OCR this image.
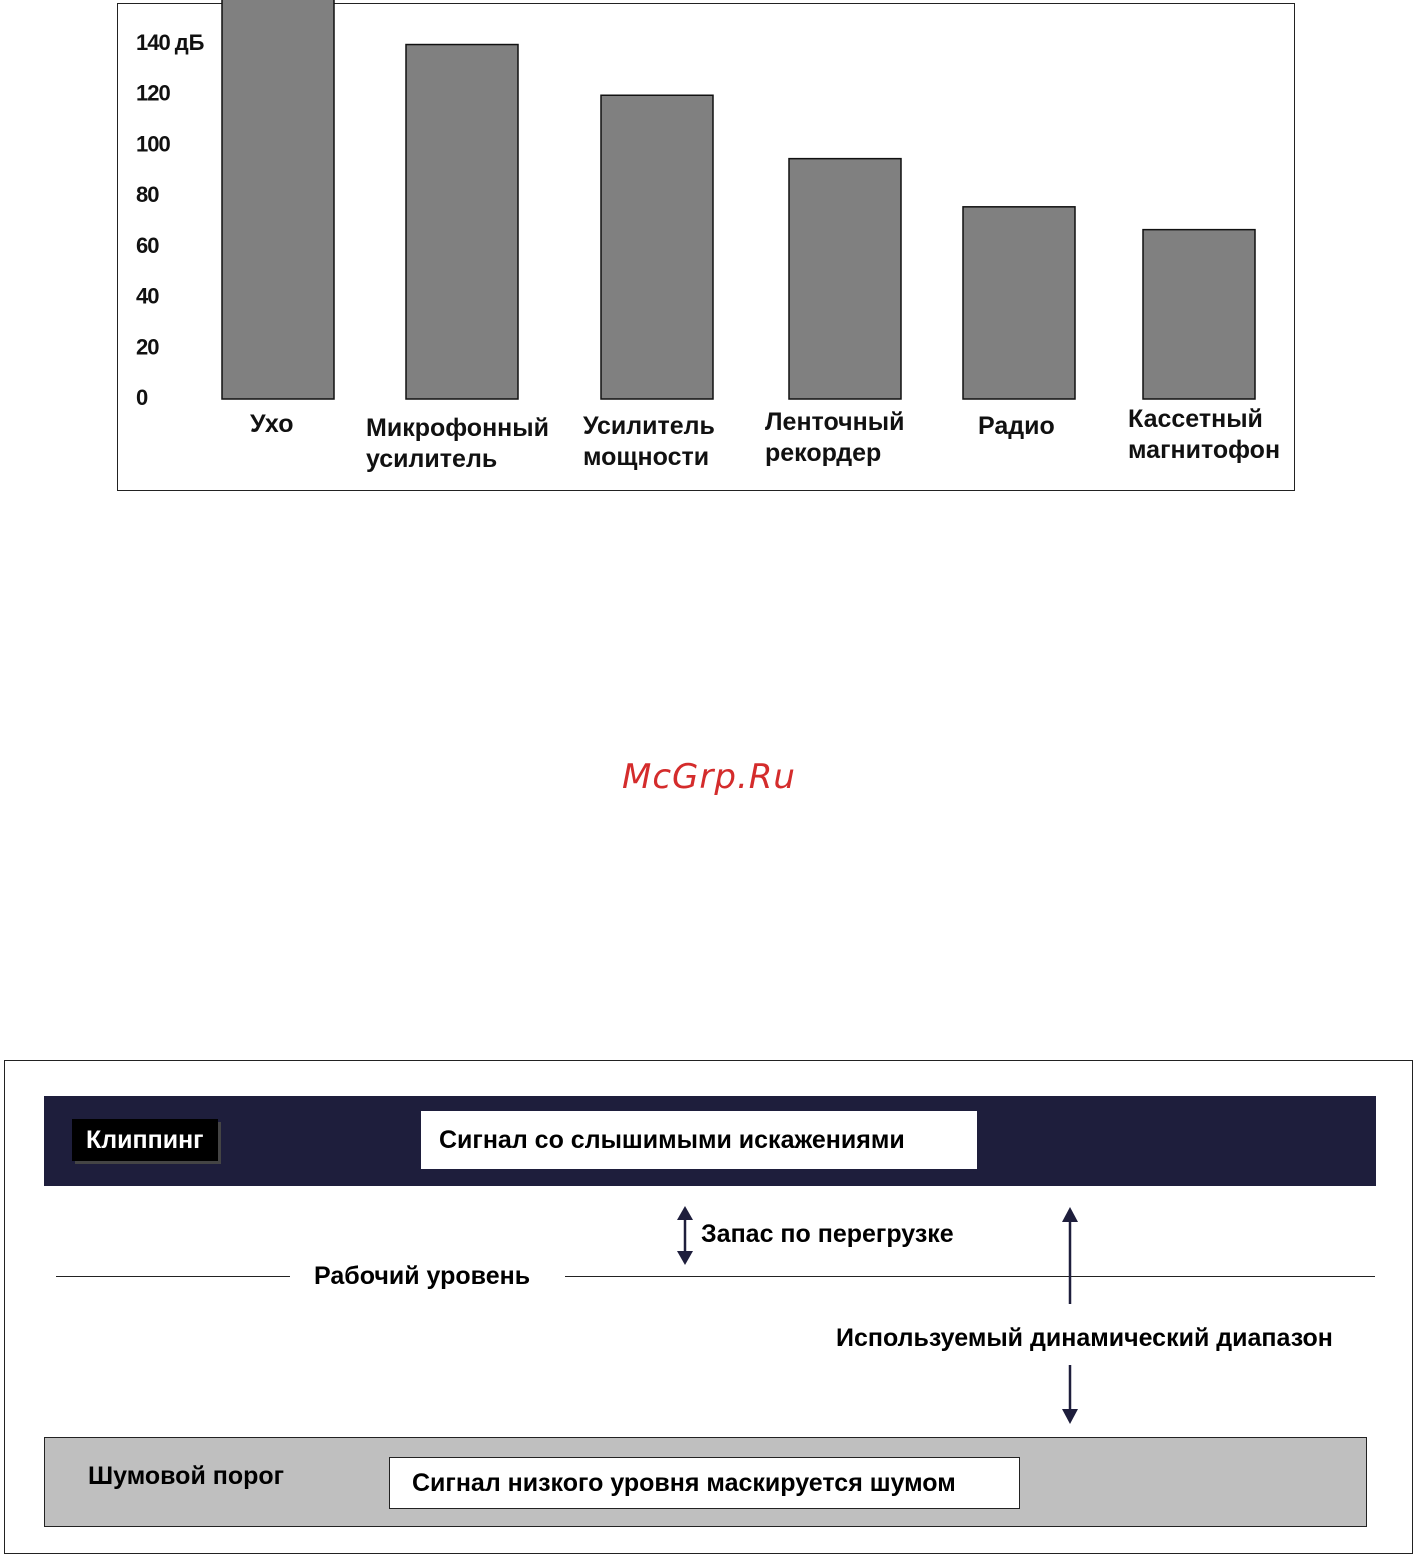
0
20
40
60
80
100
120
140 дБ
Ухо	Микрофонный усилитель
Усилитель мощности
Ленточный рекордер
Радио	Кассетный магнитофон
McGrp.Ru
Клиппинг	Сигнал со слышимыми искажениями
Запас по перегрузке
Рабочий уровень
Используемый динамический диапазон
Шумовой порог	Сигнал низкого уровня маскируется шумом
